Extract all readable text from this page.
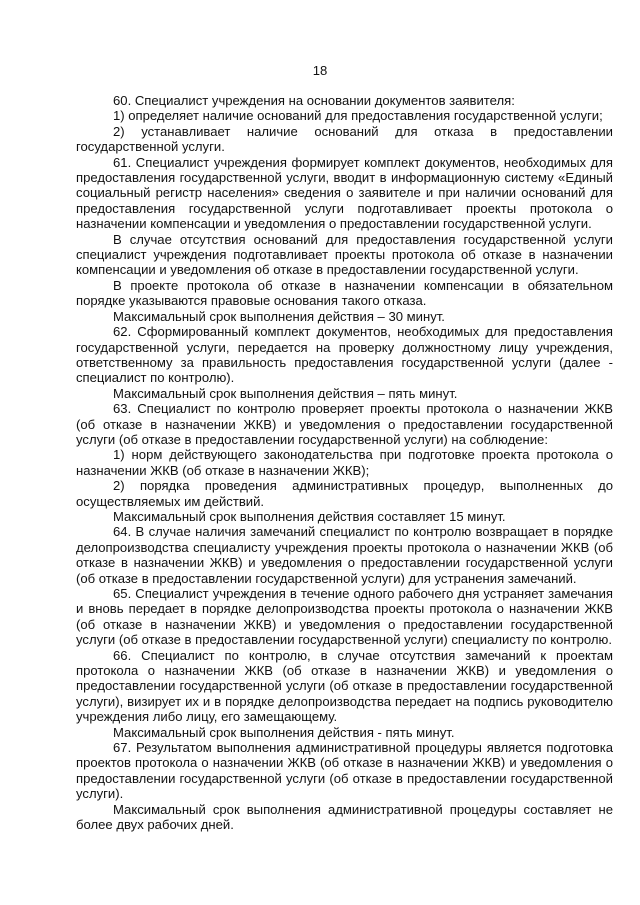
18

60. Специалист учреждения на основании документов заявителя:

1) определяет наличие оснований для предоставления государственной услуги;

2) устанавливает наличие оснований для отказа в предоставлении государственной услуги.

61. Специалист учреждения формирует комплект документов, необходимых для предоставления государственной услуги, вводит в информационную систему «Единый социальный регистр населения» сведения о заявителе и при наличии оснований для предоставления государственной услуги подготавливает проекты протокола о назначении компенсации и уведомления о предоставлении государственной услуги.

В случае отсутствия оснований для предоставления государственной услуги специалист учреждения подготавливает проекты протокола об отказе в назначении компенсации и уведомления об отказе в предоставлении государственной услуги.

В проекте протокола об отказе в назначении компенсации в обязательном порядке указываются правовые основания такого отказа.

Максимальный срок выполнения действия – 30 минут.

62. Сформированный комплект документов, необходимых для предоставления государственной услуги, передается на проверку должностному лицу учреждения, ответственному за правильность предоставления государственной услуги (далее - специалист по контролю).

Максимальный срок выполнения действия – пять минут.

63. Специалист по контролю проверяет проекты протокола о назначении ЖКВ (об отказе в назначении ЖКВ) и уведомления о предоставлении государственной услуги (об отказе в предоставлении государственной услуги) на соблюдение:

1) норм действующего законодательства при подготовке проекта протокола о назначении ЖКВ (об отказе в назначении ЖКВ);

2) порядка проведения административных процедур, выполненных до осуществляемых им действий.

Максимальный срок выполнения действия составляет 15 минут.

64. В случае наличия замечаний специалист по контролю возвращает в порядке делопроизводства специалисту учреждения проекты протокола о назначении ЖКВ (об отказе в назначении ЖКВ) и уведомления о предоставлении государственной услуги (об отказе в предоставлении государственной услуги) для устранения замечаний.

65. Специалист учреждения в течение одного рабочего дня устраняет замечания и вновь передает в порядке делопроизводства проекты протокола о назначении ЖКВ (об отказе в назначении ЖКВ) и уведомления о предоставлении государственной услуги (об отказе в предоставлении государственной услуги) специалисту по контролю.

66. Специалист по контролю, в случае отсутствия замечаний к проектам протокола о назначении ЖКВ (об отказе в назначении ЖКВ) и уведомления о предоставлении государственной услуги (об отказе в предоставлении государственной услуги), визирует их и в порядке делопроизводства передает на подпись руководителю учреждения либо лицу, его замещающему.

Максимальный срок выполнения действия - пять минут.

67. Результатом выполнения административной процедуры является подготовка проектов протокола о назначении ЖКВ (об отказе в назначении ЖКВ) и уведомления о предоставлении государственной услуги (об отказе в предоставлении государственной услуги).

Максимальный срок выполнения административной процедуры составляет не более двух рабочих дней.
